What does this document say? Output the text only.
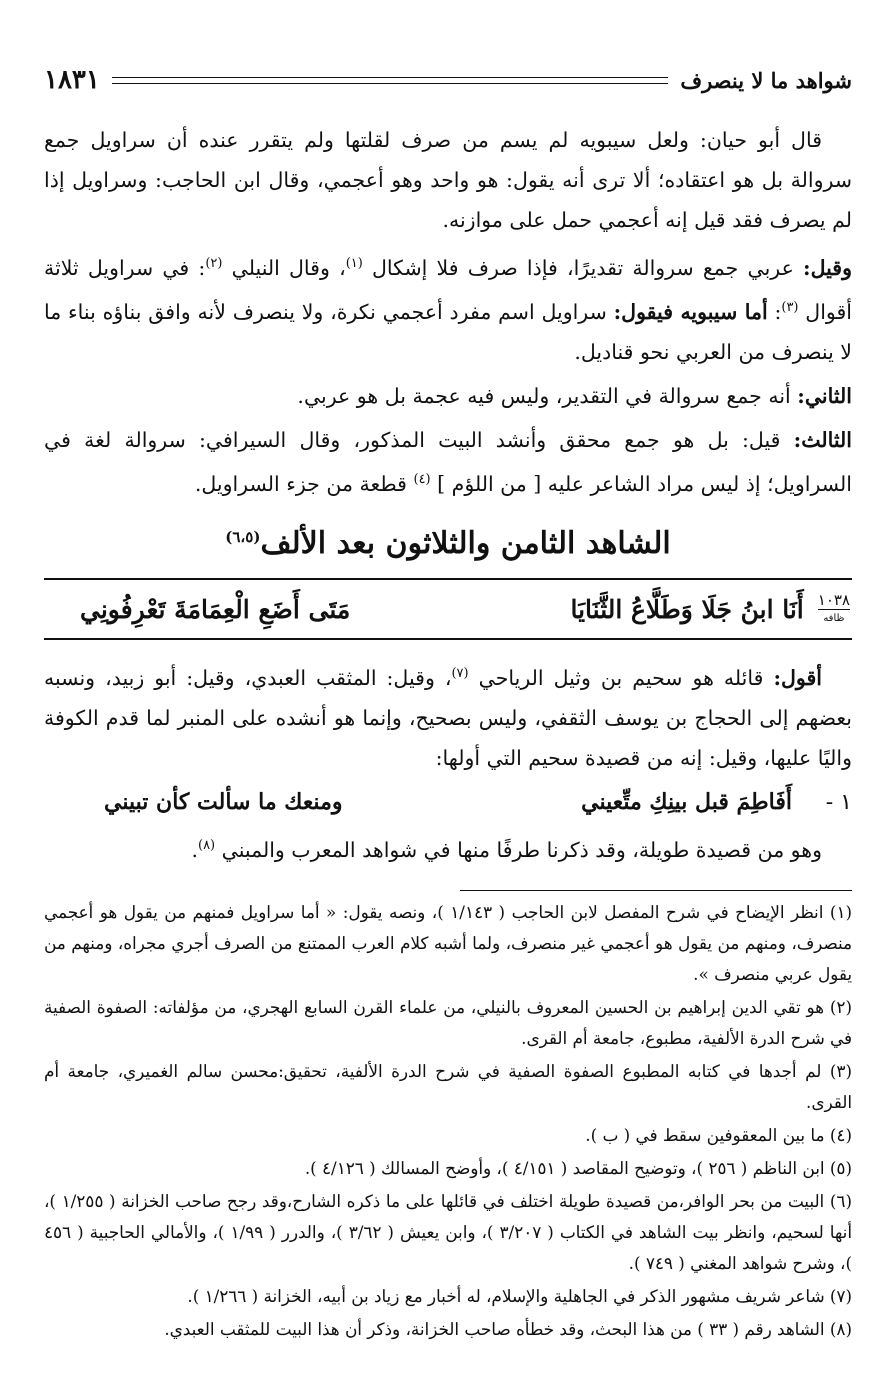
شواهد ما لا ينصرف
١٨٣١

قال أبو حيان: ولعل سيبويه لم يسم من صرف لقلتها ولم يتقرر عنده أن سراويل جمع سروالة بل هو اعتقاده؛ ألا ترى أنه يقول: هو واحد وهو أعجمي، وقال ابن الحاجب: وسراويل إذا لم يصرف فقد قيل إنه أعجمي حمل على موازنه.

وقيل: عربي جمع سروالة تقديرًا، فإذا صرف فلا إشكال $^{(١)}$، وقال النيلي $^{(٢)}$: في سراويل ثلاثة أقوال $^{(٣)}$: أما سيبويه فيقول: سراويل اسم مفرد أعجمي نكرة، ولا ينصرف لأنه وافق بناؤه بناء ما لا ينصرف من العربي نحو قناديل.

الثاني: أنه جمع سروالة في التقدير، وليس فيه عجمة بل هو عربي.

الثالث: قيل: بل هو جمع محقق وأنشد البيت المذكور، وقال السيرافي: سروالة لغة في السراويل؛ إذ ليس مراد الشاعر عليه [ من اللؤم ] $^{(٤)}$ قطعة من جزء السراويل.

الشاهد الثامن والثلاثون بعد الألف$^{(٦،٥)}$
١٠٣٨
ظافه
أَنَا ابنُ جَلَا وَطَلَّاعُ الثَّنَايَا
مَتَى أَضَعِ الْعِمَامَةَ تَعْرِفُونِي

أقول: قائله هو سحيم بن وثيل الرياحي $^{(٧)}$، وقيل: المثقب العبدي، وقيل: أبو زبيد، ونسبه بعضهم إلى الحجاج بن يوسف الثقفي، وليس بصحيح، وإنما هو أنشده على المنبر لما قدم الكوفة واليًا عليها، وقيل: إنه من قصيدة سحيم التي أولها:

١ -
أَفَاطِمَ قبل بينِكِ متِّعيني
ومنعك ما سألت كأن تبيني

وهو من قصيدة طويلة، وقد ذكرنا طرفًا منها في شواهد المعرب والمبني $^{(٨)}$.

(١) انظر الإيضاح في شرح المفصل لابن الحاجب ( ١/١٤٣ )، ونصه يقول: « أما سراويل فمنهم من يقول هو أعجمي منصرف، ومنهم من يقول هو أعجمي غير منصرف، ولما أشبه كلام العرب الممتنع من الصرف أجري مجراه، ومنهم من يقول عربي منصرف ».

(٢) هو تقي الدين إبراهيم بن الحسين المعروف بالنيلي، من علماء القرن السابع الهجري، من مؤلفاته: الصفوة الصفية في شرح الدرة الألفية، مطبوع، جامعة أم القرى.

(٣) لم أجدها في كتابه المطبوع الصفوة الصفية في شرح الدرة الألفية، تحقيق:محسن سالم الغميري، جامعة أم القرى.

(٤) ما بين المعقوفين سقط في ( ب ).

(٥) ابن الناظم ( ٢٥٦ )، وتوضيح المقاصد ( ٤/١٥١ )، وأوضح المسالك ( ٤/١٢٦ ).

(٦) البيت من بحر الوافر،من قصيدة طويلة اختلف في قائلها على ما ذكره الشارح،وقد رجح صاحب الخزانة ( ١/٢٥٥ )، أنها لسحيم، وانظر بيت الشاهد في الكتاب ( ٣/٢٠٧ )، وابن يعيش ( ٣/٦٢ )، والدرر ( ١/٩٩ )، والأمالي الحاجبية ( ٤٥٦ )، وشرح شواهد المغني ( ٧٤٩ ).

(٧) شاعر شريف مشهور الذكر في الجاهلية والإسلام، له أخبار مع زياد بن أبيه، الخزانة ( ١/٢٦٦ ).

(٨) الشاهد رقم ( ٣٣ ) من هذا البحث، وقد خطأه صاحب الخزانة، وذكر أن هذا البيت للمثقب العبدي.
